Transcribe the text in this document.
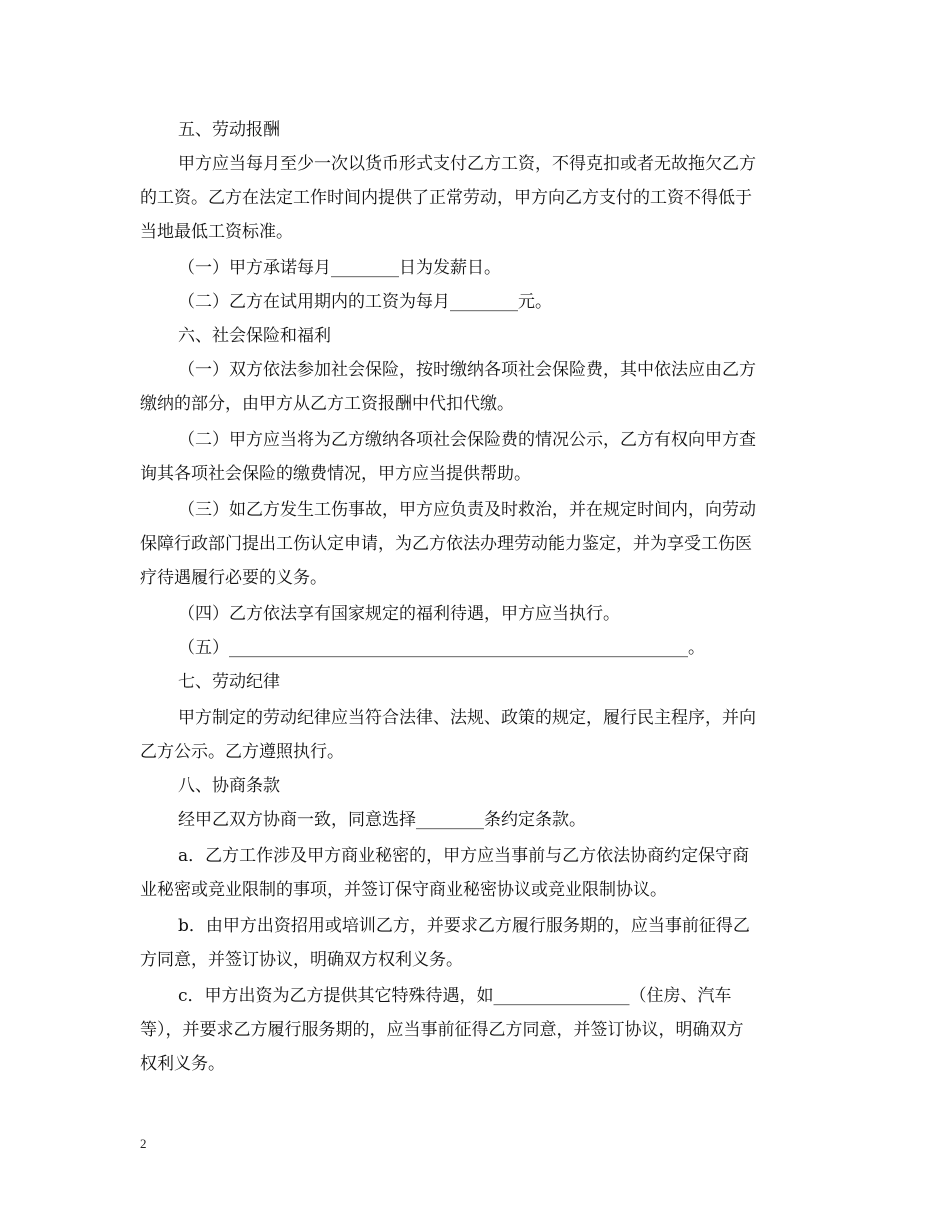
五、劳动报酬
甲方应当每月至少一次以货币形式支付乙方工资，不得克扣或者无故拖欠乙方
的工资。乙方在法定工作时间内提供了正常劳动，甲方向乙方支付的工资不得低于
当地最低工资标准。
（一）甲方承诺每月________日为发薪日。
（二）乙方在试用期内的工资为每月________元。
六、社会保险和福利
（一）双方依法参加社会保险，按时缴纳各项社会保险费，其中依法应由乙方
缴纳的部分，由甲方从乙方工资报酬中代扣代缴。
（二）甲方应当将为乙方缴纳各项社会保险费的情况公示，乙方有权向甲方查
询其各项社会保险的缴费情况，甲方应当提供帮助。
（三）如乙方发生工伤事故，甲方应负责及时救治，并在规定时间内，向劳动
保障行政部门提出工伤认定申请，为乙方依法办理劳动能力鉴定，并为享受工伤医
疗待遇履行必要的义务。
（四）乙方依法享有国家规定的福利待遇，甲方应当执行。
（五）______________________________________________________。
七、劳动纪律
甲方制定的劳动纪律应当符合法律、法规、政策的规定，履行民主程序，并向
乙方公示。乙方遵照执行。
八、协商条款
经甲乙双方协商一致，同意选择________条约定条款。
a．乙方工作涉及甲方商业秘密的，甲方应当事前与乙方依法协商约定保守商
业秘密或竞业限制的事项，并签订保守商业秘密协议或竞业限制协议。
b．由甲方出资招用或培训乙方，并要求乙方履行服务期的，应当事前征得乙
方同意，并签订协议，明确双方权利义务。
c．甲方出资为乙方提供其它特殊待遇，如________________（住房、汽车
等），并要求乙方履行服务期的，应当事前征得乙方同意，并签订协议，明确双方
权利义务。
2
